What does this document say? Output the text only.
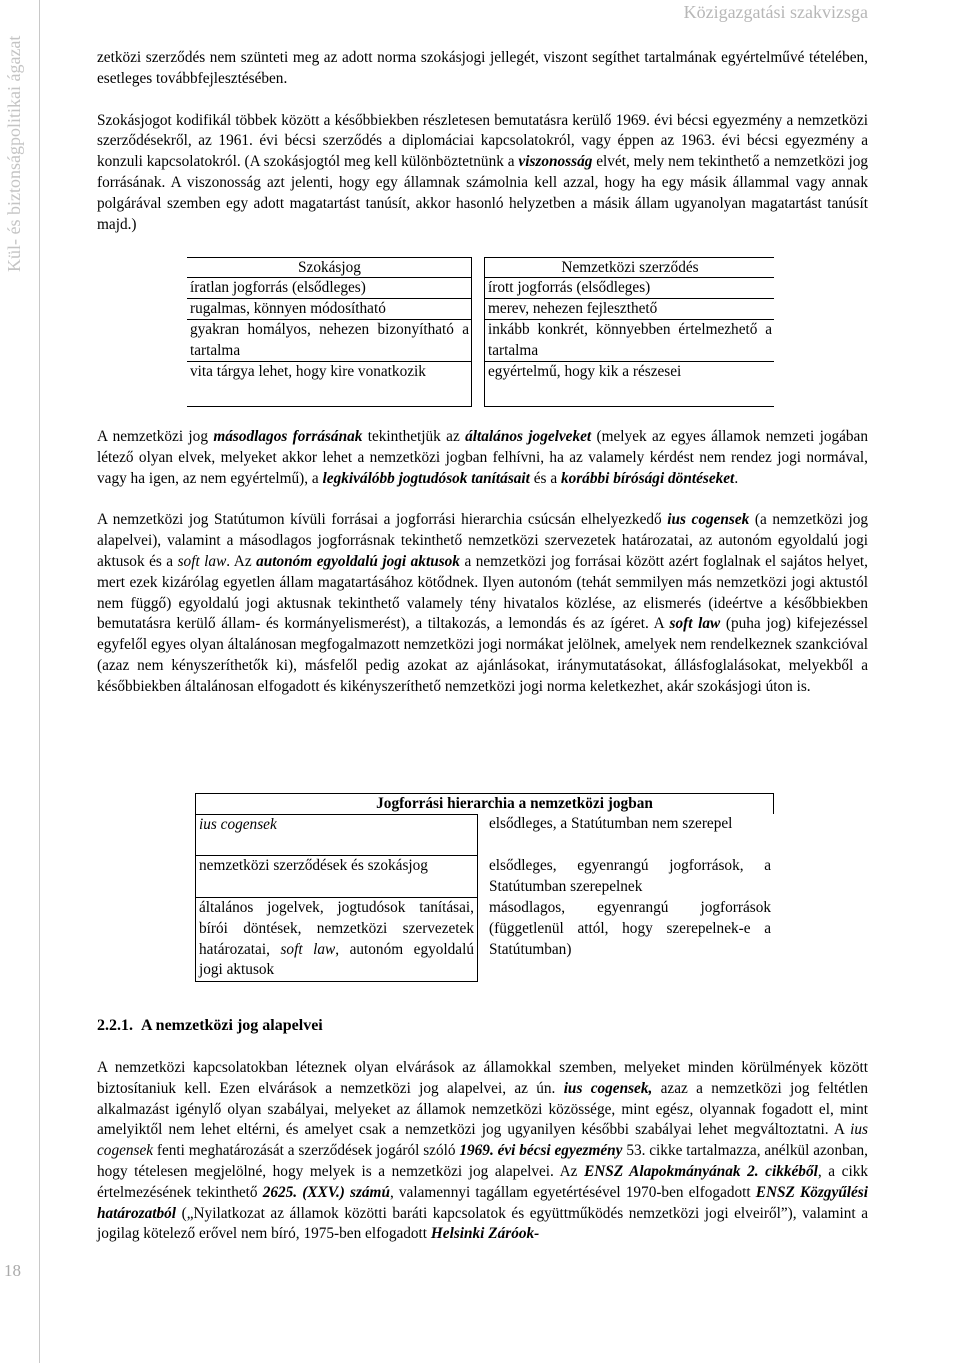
Közigazgatási szakvizsga
Kül- és biztonságpolitikai ágazat
18

zetközi szerződés nem szünteti meg az adott norma szokásjogi jellegét, viszont segíthet tartalmának egyértelművé tételében, esetleges továbbfejlesztésében.

Szokásjogot kodifikál többek között a későbbiekben részletesen bemutatásra kerülő 1969. évi bécsi egyezmény a nemzetközi szerződésekről, az 1961. évi bécsi szerződés a diplomáciai kapcsolatokról, vagy éppen az 1963. évi bécsi egyezmény a konzuli kapcsolatokról. (A szokásjogtól meg kell különböztetnünk a viszonosság elvét, mely nem tekinthető a nemzetközi jog forrásának. A viszonosság azt jelenti, hogy egy államnak számolnia kell azzal, hogy ha egy másik állammal vagy annak polgárával szemben egy adott magatartást tanúsít, akkor hasonló helyzetben a másik állam ugyanolyan magatartást tanúsít majd.)

Szokásjog
íratlan jogforrás (elsődleges)
rugalmas, könnyen módosítható
gyakran homályos, nehezen bizonyítható a tartalma
vita tárgya lehet, hogy kire vonatkozik
Nemzetközi szerződés
írott jogforrás (elsődleges)
merev, nehezen fejleszthető
inkább konkrét, könnyebben értelmezhető a tartalma
egyértelmű, hogy kik a részesei

A nemzetközi jog másodlagos forrásának tekinthetjük az általános jogelveket (melyek az egyes államok nemzeti jogában létező olyan elvek, melyeket akkor lehet a nemzetközi jogban felhívni, ha az valamely kérdést nem rendez jogi normával, vagy ha igen, az nem egyértelmű), a legkiválóbb jogtudósok tanításait és a korábbi bírósági döntéseket.

A nemzetközi jog Statútumon kívüli forrásai a jogforrási hierarchia csúcsán elhelyezkedő ius cogensek (a nemzetközi jog alapelvei), valamint a másodlagos jogforrásnak tekinthető nemzetközi szervezetek határozatai, az autonóm egyoldalú jogi aktusok és a soft law. Az autonóm egyoldalú jogi aktusok a nemzetközi jog forrásai között azért foglalnak el sajátos helyet, mert ezek kizárólag egyetlen állam magatartásához kötődnek. Ilyen autonóm (tehát semmilyen más nemzetközi jogi aktustól nem függő) egyoldalú jogi aktusnak tekinthető valamely tény hivatalos közlése, az elismerés (ideértve a későbbiekben bemutatásra kerülő állam- és kormányelismerést), a tiltakozás, a lemondás és az ígéret. A soft law (puha jog) kifejezéssel egyfelől egyes olyan általánosan megfogalmazott nemzetközi jogi normákat jelölnek, amelyek nem rendelkeznek szankcióval (azaz nem kényszeríthetők ki), másfelől pedig azokat az ajánlásokat, iránymutatásokat, állásfoglalásokat, melyekből a későbbiekben általánosan elfogadott és kikényszeríthető nemzetközi jogi norma keletkezhet, akár szokásjogi úton is.

Jogforrási hierarchia a nemzetközi jogban
ius cogensek	elsődleges, a Statútumban nem szerepel
nemzetközi szerződések és szokásjog	elsődleges, egyenrangú jogforrások, a Statútumban szerepelnek
általános jogelvek, jogtudósok tanításai, bírói döntések, nemzetközi szervezetek határozatai, soft law, autonóm egyoldalú jogi aktusok
másodlagos, egyenrangú jogforrások (függetlenül attól, hogy szerepelnek-e a Statútumban)
2.2.1. A nemzetközi jog alapelvei

A nemzetközi kapcsolatokban léteznek olyan elvárások az államokkal szemben, melyeket minden körülmények között biztosítaniuk kell. Ezen elvárások a nemzetközi jog alapelvei, az ún. ius cogensek, azaz a nemzetközi jog feltétlen alkalmazást igénylő olyan szabályai, melyeket az államok nemzetközi közössége, mint egész, olyannak fogadott el, mint amelyiktől nem lehet eltérni, és amelyet csak a nemzetközi jog ugyanilyen későbbi szabályai lehet megváltoztatni. A ius cogensek fenti meghatározását a szerződések jogáról szóló 1969. évi bécsi egyezmény 53. cikke tartalmazza, anélkül azonban, hogy tételesen megjelölné, hogy melyek is a nemzetközi jog alapelvei. Az ENSZ Alapokmányának 2. cikkéből, a cikk értelmezésének tekinthető 2625. (XXV.) számú, valamennyi tagállam egyetértésével 1970-ben elfogadott ENSZ Közgyűlési határozatból („Nyilatkozat az államok közötti baráti kapcsolatok és együttműködés nemzetközi jogi elveiről”), valamint a jogilag kötelező erővel nem bíró, 1975-ben elfogadott Helsinki Záróok-
